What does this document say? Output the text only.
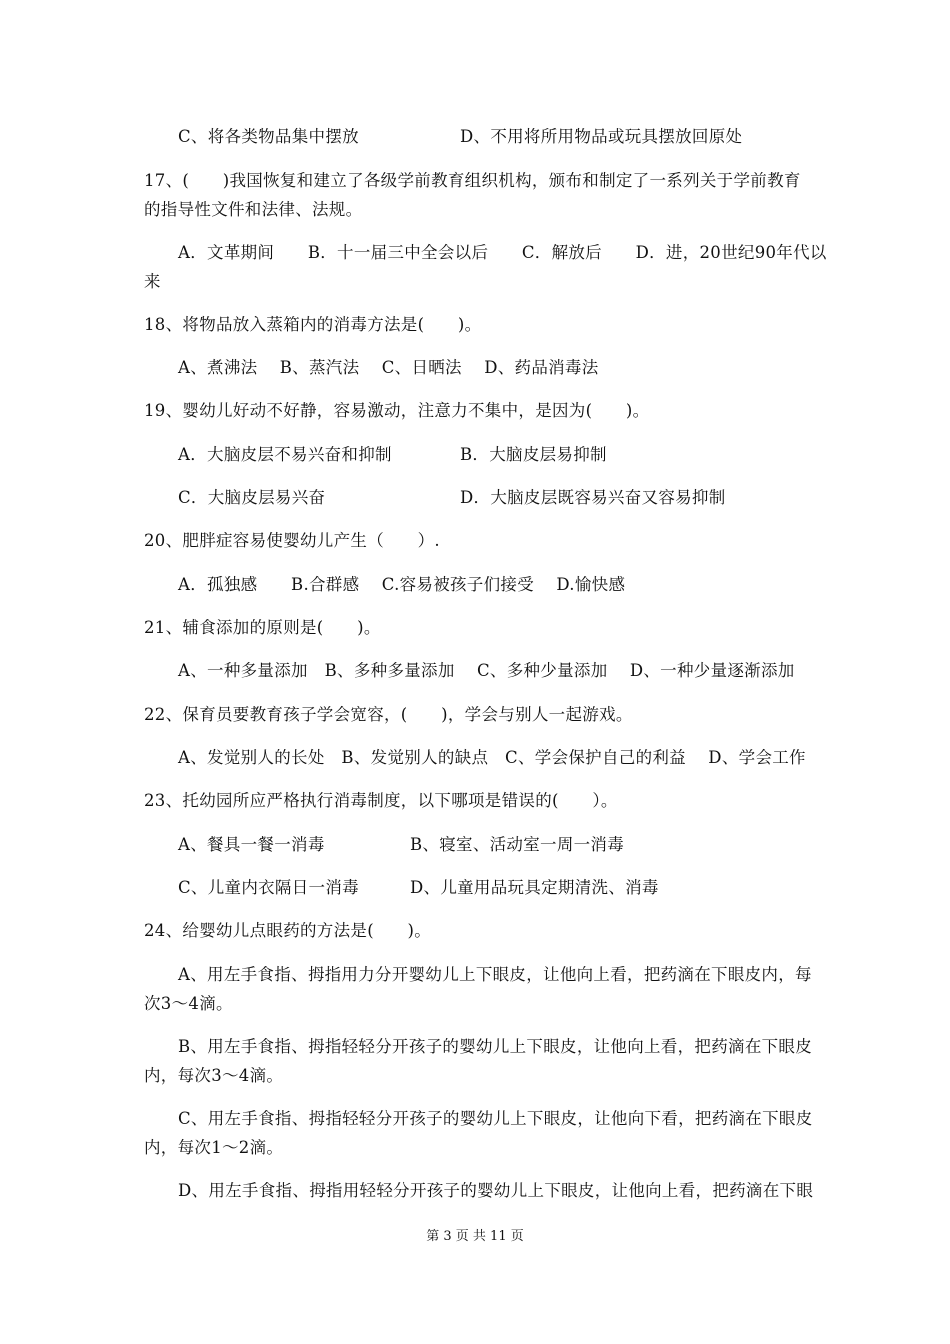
C、将各类物品集中摆放	D、不用将所用物品或玩具摆放回原处
17、(　　)我国恢复和建立了各级学前教育组织机构，颁布和制定了一系列关于学前教育
的指导性文件和法律、法规。
A．文革期间　　B．十一届三中全会以后　　C．解放后　　D．进，20世纪90年代以
来
18、将物品放入蒸箱内的消毒方法是(　　)。
A、煮沸法　 B、蒸汽法　 C、日晒法　 D、药品消毒法
19、婴幼儿好动不好静，容易激动，注意力不集中，是因为(　　)。
A．大脑皮层不易兴奋和抑制	B．大脑皮层易抑制
C．大脑皮层易兴奋	D．大脑皮层既容易兴奋又容易抑制
20、肥胖症容易使婴幼儿产生（　　）.
A．孤独感　　B.合群感　 C.容易被孩子们接受　 D.愉快感
21、辅食添加的原则是(　　)。
A、一种多量添加　B、多种多量添加　 C、多种少量添加　 D、一种少量逐渐添加
22、保育员要教育孩子学会宽容，(　　)，学会与别人一起游戏。
A、发觉别人的长处　B、发觉别人的缺点　C、学会保护自己的利益　 D、学会工作
23、托幼园所应严格执行消毒制度，以下哪项是错误的(　　）。
A、餐具一餐一消毒	B、寝室、活动室一周一消毒
C、儿童内衣隔日一消毒	D、儿童用品玩具定期清洗、消毒
24、给婴幼儿点眼药的方法是(　　)。
A、用左手食指、拇指用力分开婴幼儿上下眼皮，让他向上看，把药滴在下眼皮内，每
次3～4滴。
B、用左手食指、拇指轻轻分开孩子的婴幼儿上下眼皮，让他向上看，把药滴在下眼皮
内，每次3～4滴。
C、用左手食指、拇指轻轻分开孩子的婴幼儿上下眼皮，让他向下看，把药滴在下眼皮
内，每次1～2滴。
D、用左手食指、拇指用轻轻分开孩子的婴幼儿上下眼皮，让他向上看，把药滴在下眼
第 3 页 共 11 页
